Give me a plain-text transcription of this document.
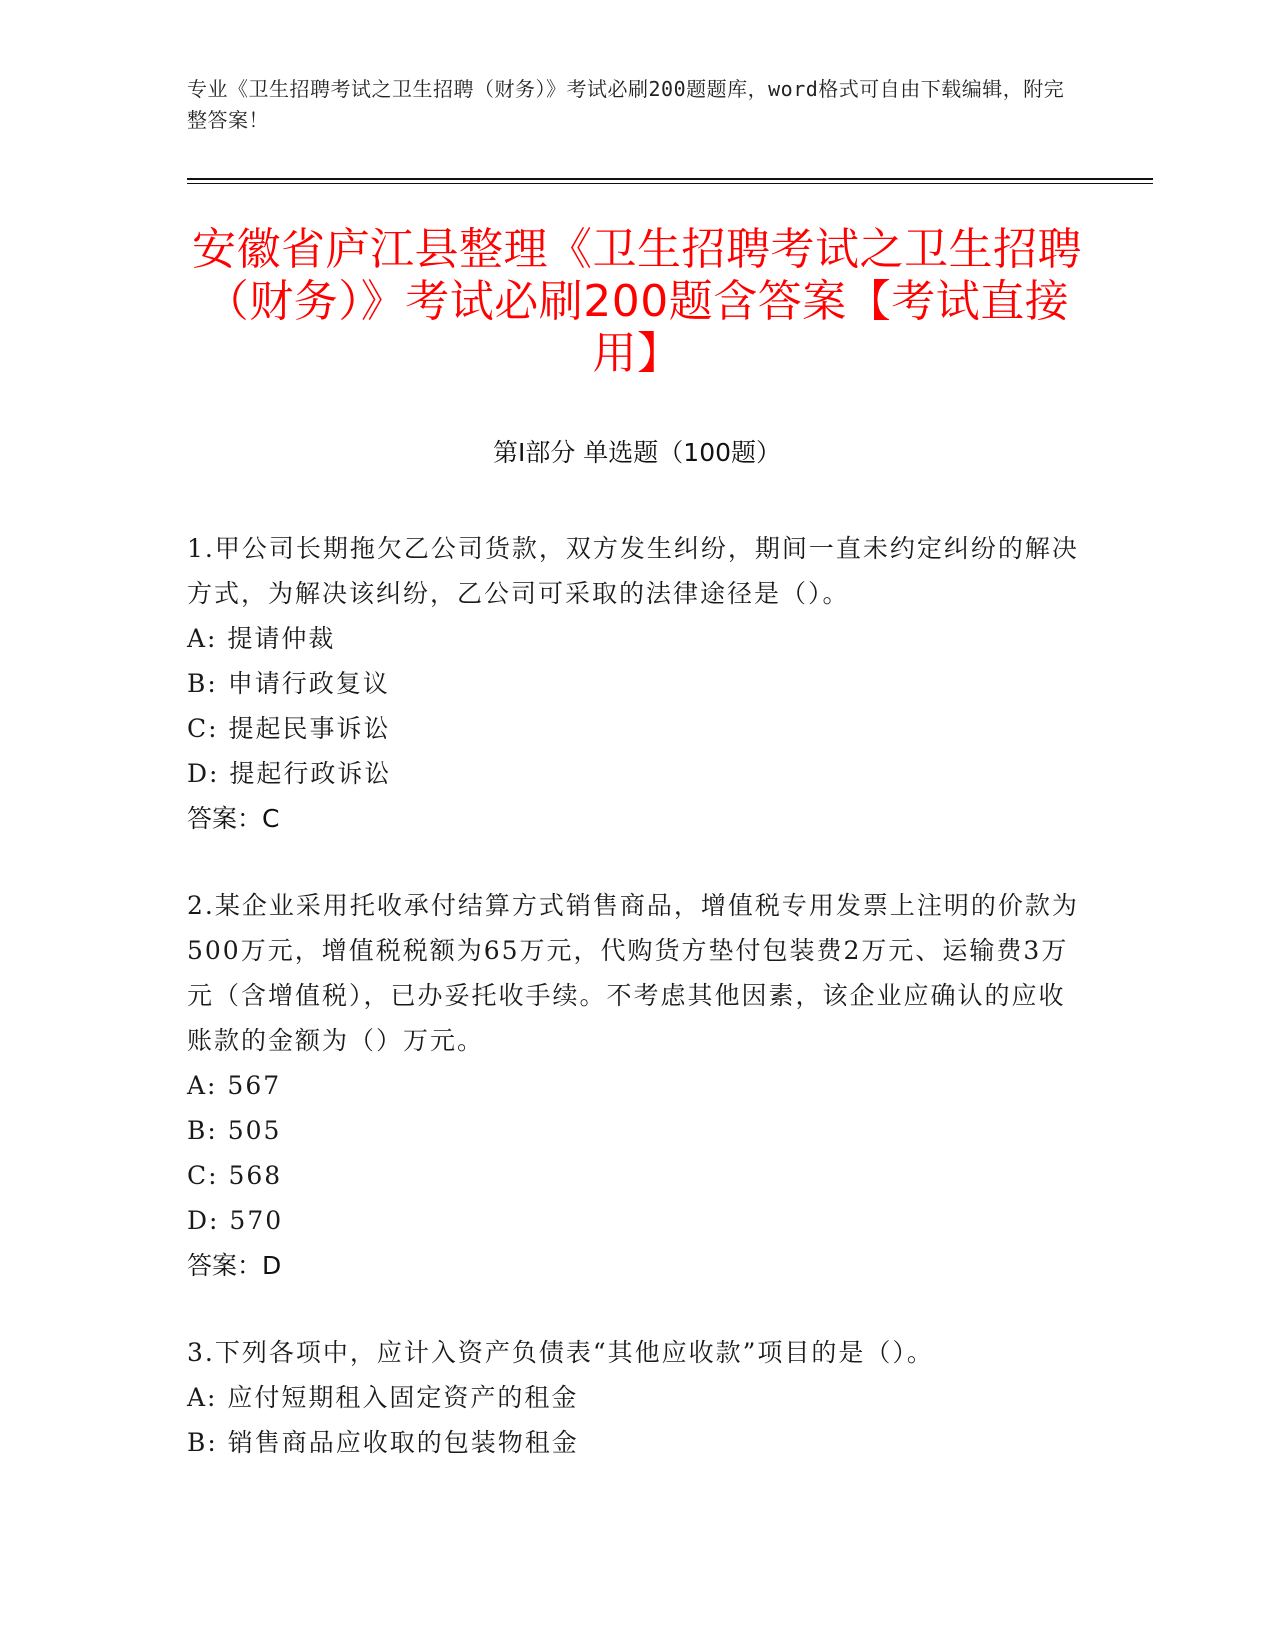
专业《卫生招聘考试之卫生招聘（财务）》考试必刷200题题库，word格式可自由下载编辑，附完整答案！
安徽省庐江县整理《卫生招聘考试之卫生招聘（财务）》考试必刷200题含答案【考试直接用】
第Ⅰ部分 单选题（100题）

1.甲公司长期拖欠乙公司货款，双方发生纠纷，期间一直未约定纠纷的解决方式，为解决该纠纷，乙公司可采取的法律途径是（）。

A: 提请仲裁

B: 申请行政复议

C: 提起民事诉讼

D: 提起行政诉讼

答案：C

2.某企业采用托收承付结算方式销售商品，增值税专用发票上注明的价款为500万元，增值税税额为65万元，代购货方垫付包装费2万元、运输费3万元（含增值税），已办妥托收手续。不考虑其他因素，该企业应确认的应收账款的金额为（）万元。

A: 567

B: 505

C: 568

D: 570

答案：D

3.下列各项中，应计入资产负债表“其他应收款”项目的是（）。

A: 应付短期租入固定资产的租金

B: 销售商品应收取的包装物租金
